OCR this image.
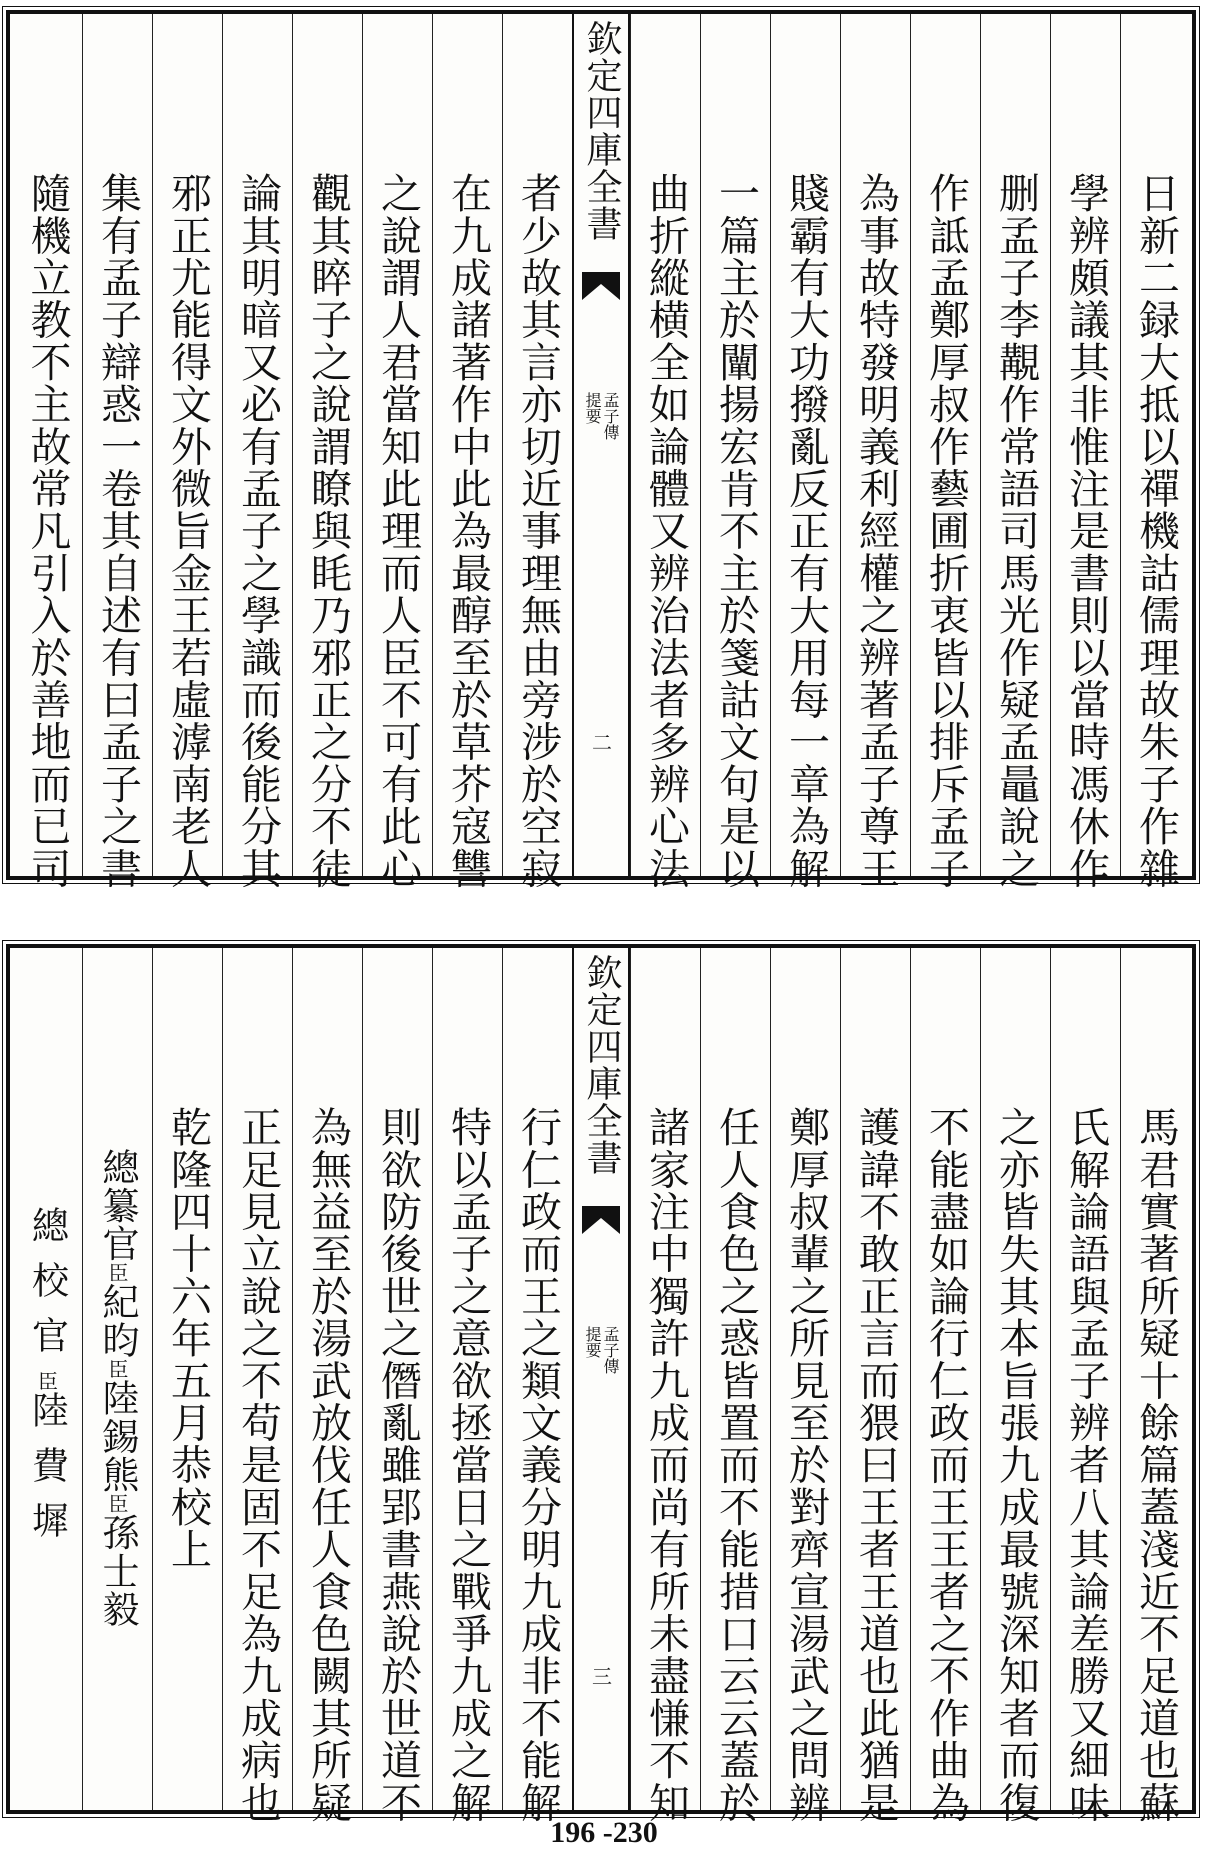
日新二録大抵以禪機詁儒理故朱子作雜
學辨頗議其非惟注是書則以當時馮休作
删孟子李覯作常語司馬光作疑孟鼂說之
作詆孟鄭厚叔作藝圃折衷皆以排斥孟子
為事故特發明義利經權之辨著孟子尊王
賤霸有大功撥亂反正有大用每一章為解
一篇主於闡揚宏肯不主於箋詁文句是以
曲折縱横全如論體又辨治法者多辨心法
欽定四庫全書
孟子傳
提要
二
者少故其言亦切近事理無由旁涉於空寂
在九成諸著作中此為最醇至於草芥寇讐
之說謂人君當知此理而人臣不可有此心
觀其睟子之說謂瞭與眊乃邪正之分不徒
論其明暗又必有孟子之學識而後能分其
邪正尤能得文外微旨金王若虛滹南老人
集有孟子辯惑一卷其自述有曰孟子之書
隨機立教不主故常凡引入於善地而已司
馬君實著所疑十餘篇蓋淺近不足道也蘇
氏解論語與孟子辨者八其論差勝又細味
之亦皆失其本旨張九成最號深知者而復
不能盡如論行仁政而王王者之不作曲為
護諱不敢正言而猥曰王者王道也此猶是
鄭厚叔輩之所見至於對齊宣湯武之問辨
任人食色之惑皆置而不能措口云云蓋於
諸家注中獨許九成而尚有所未盡慊不知
欽定四庫全書
孟子傳
提要
三
行仁政而王之類文義分明九成非不能解
特以孟子之意欲拯當日之戰爭九成之解
則欲防後世之僭亂雖郢書燕說於世道不
為無益至於湯武放伐任人食色闕其所疑
正足見立說之不苟是固不足為九成病也
乾隆四十六年五月恭校上
總纂官臣紀昀臣陸錫熊臣孫士毅
總校官臣陸費墀
196 -230
